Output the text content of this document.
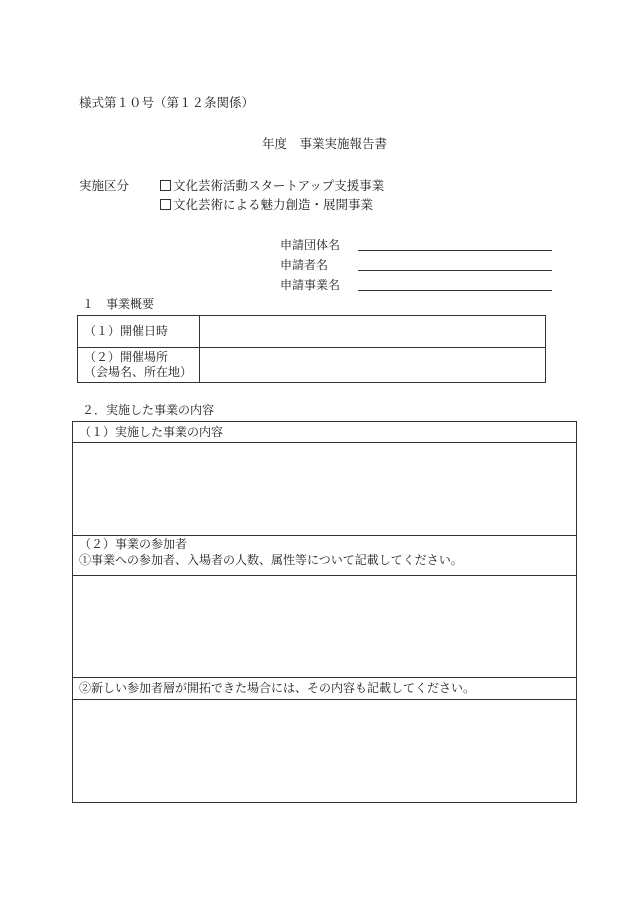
様式第１０号（第１２条関係）
年度　事業実施報告書
実施区分	文化芸術活動スタートアップ支援事業
文化芸術による魅力創造・展開事業
申請団体名
申請者名
申請事業名
１　事業概要
（１）開催日時	

（２）開催場所
（会場名、所在地）	

２．実施した事業の内容
（１）実施した事業の内容
（２）事業の参加者
①事業への参加者、入場者の人数、属性等について記載してください。
②新しい参加者層が開拓できた場合には、その内容も記載してください。
